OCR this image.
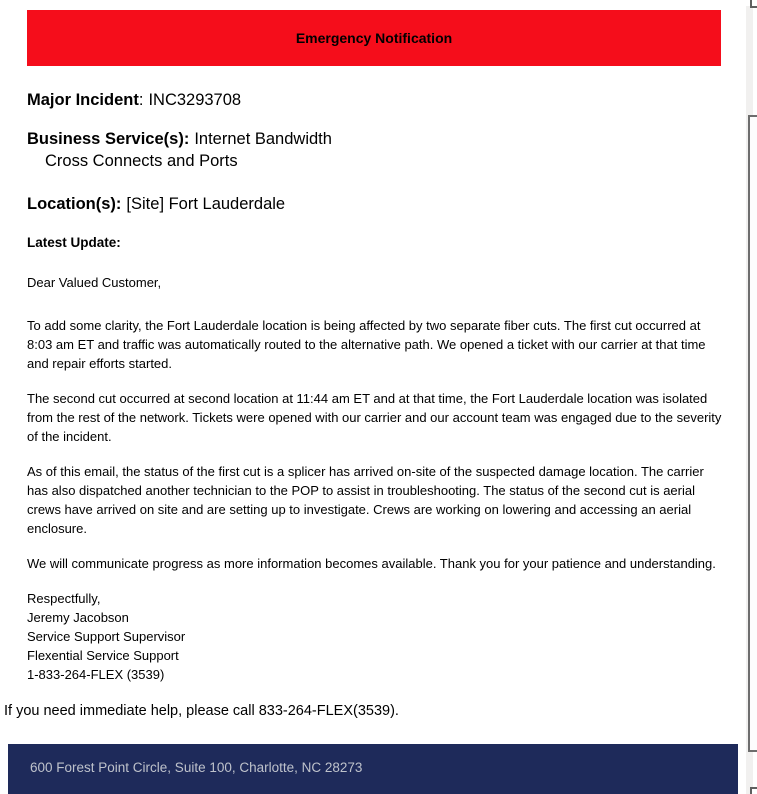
Emergency Notification

Major Incident: INC3293708

Business Service(s): Internet Bandwidth

Cross Connects and Ports

Location(s): [Site] Fort Lauderdale

Latest Update:

Dear Valued Customer,

To add some clarity, the Fort Lauderdale location is being affected by two separate fiber cuts. The first cut occurred at 8:03 am ET and traffic was automatically routed to the alternative path. We opened a ticket with our carrier at that time and repair efforts started.

The second cut occurred at second location at 11:44 am ET and at that time, the Fort Lauderdale location was isolated from the rest of the network. Tickets were opened with our carrier and our account team was engaged due to the severity of the incident.

As of this email, the status of the first cut is a splicer has arrived on-site of the suspected damage location. The carrier has also dispatched another technician to the POP to assist in troubleshooting. The status of the second cut is aerial crews have arrived on site and are setting up to investigate. Crews are working on lowering and accessing an aerial enclosure.

We will communicate progress as more information becomes available. Thank you for your patience and understanding.

Respectfully,
Jeremy Jacobson
Service Support Supervisor
Flexential Service Support
1-833-264-FLEX (3539)

If you need immediate help, please call 833-264-FLEX(3539).

600 Forest Point Circle, Suite 100, Charlotte, NC 28273
